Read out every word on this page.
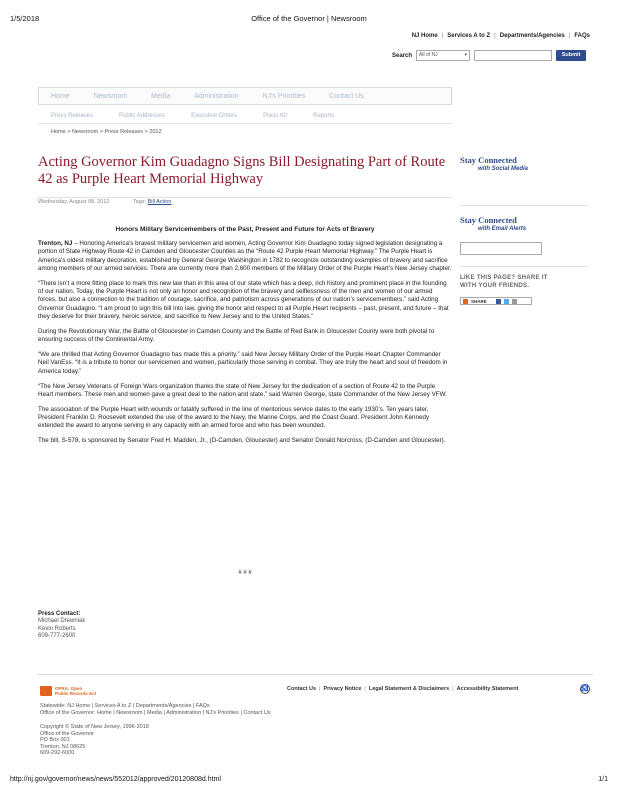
1/5/2018	Office of the Governor | Newsroom
NJ Home | Services A to Z | Departments/Agencies | FAQs
Search	All of NJ	▾	Submit
Home	Newsroom	Media	Administration	NJ's Priorities	Contact Us
Press Releases	Public Addresses	Executive Orders	Press Kit	Reports
Home > Newsroom > Press Releases > 2012
Acting Governor Kim Guadagno Signs Bill Designating Part of Route 42 as Purple Heart Memorial Highway
Wednesday, August 08, 2012	Tags: Bill Action
Honors Military Servicemembers of the Past, Present and Future for Acts of Bravery

Trenton, NJ – Honoring America’s bravest military servicemen and women, Acting Governor Kim Guadagno today signed legislation designating a portion of State Highway Route 42 in Camden and Gloucester Counties as the “Route 42 Purple Heart Memorial Highway.” The Purple Heart is America’s oldest military decoration, established by General George Washington in 1782 to recognize outstanding examples of bravery and sacrifice among members of our armed services. There are currently more than 2,600 members of the Military Order of the Purple Heart’s New Jersey chapter.

“There isn’t a more fitting place to mark this new law than in this area of our state which has a deep, rich history and prominent place in the founding of our nation. Today, the Purple Heart is not only an honor and recognition of the bravery and selflessness of the men and women of our armed forces, but also a connection to the tradition of courage, sacrifice, and patriotism across generations of our nation’s servicemembers,” said Acting Governor Guadagno. “I am proud to sign this bill into law, giving the honor and respect to all Purple Heart recipients – past, present, and future – that they deserve for their bravery, heroic service, and sacrifice to New Jersey and to the United States.”

During the Revolutionary War, the Battle of Gloucester in Camden County and the Battle of Red Bank in Gloucester County were both pivotal to ensuring success of the Continental Army.

“We are thrilled that Acting Governor Guadagno has made this a priority,” said New Jersey Military Order of the Purple Heart Chapter Commander Neil VanEss. “It is a tribute to honor our servicemen and women, particularly those serving in combat. They are truly the heart and soul of freedom in America today.”

“The New Jersey Veterans of Foreign Wars organization thanks the state of New Jersey for the dedication of a section of Route 42 to the Purple Heart members. These men and women gave a great deal to the nation and state,” said Warren George, state Commander of the New Jersey VFW.

The association of the Purple Heart with wounds or fatality suffered in the line of meritorious service dates to the early 1930’s. Ten years later, President Franklin D. Roosevelt extended the use of the award to the Navy, the Marine Corps, and the Coast Guard. President John Kennedy extended the award to anyone serving in any capacity with an armed force and who has been wounded.

The bill, S-578, is sponsored by Senator Fred H. Madden, Jr., (D-Camden, Gloucester) and Senator Donald Norcross, (D-Camden and Gloucester).

# # #
Press Contact:
Michael Drewniak
Kevin Roberts
609-777-2600
Stay Connected
with Social Media
Stay Connected
with Email Alerts
LIKE THIS PAGE? SHARE IT
WITH YOUR FRIENDS.
SHARE
OPRA: Open
Public Records Act
Contact Us | Privacy Notice | Legal Statement & Disclaimers | Accessibility Statement	♿
Statewide: NJ Home | Services A to Z | Departments/Agencies | FAQs
Office of the Governor: Home | Newsroom | Media | Administration | NJ's Priorities | Contact Us
Copyright © State of New Jersey, 1996-2018
Office of the Governor
PO Box 001
Trenton, NJ 08625
609-292-6000
http://nj.gov/governor/news/news/552012/approved/20120808d.html	1/1
